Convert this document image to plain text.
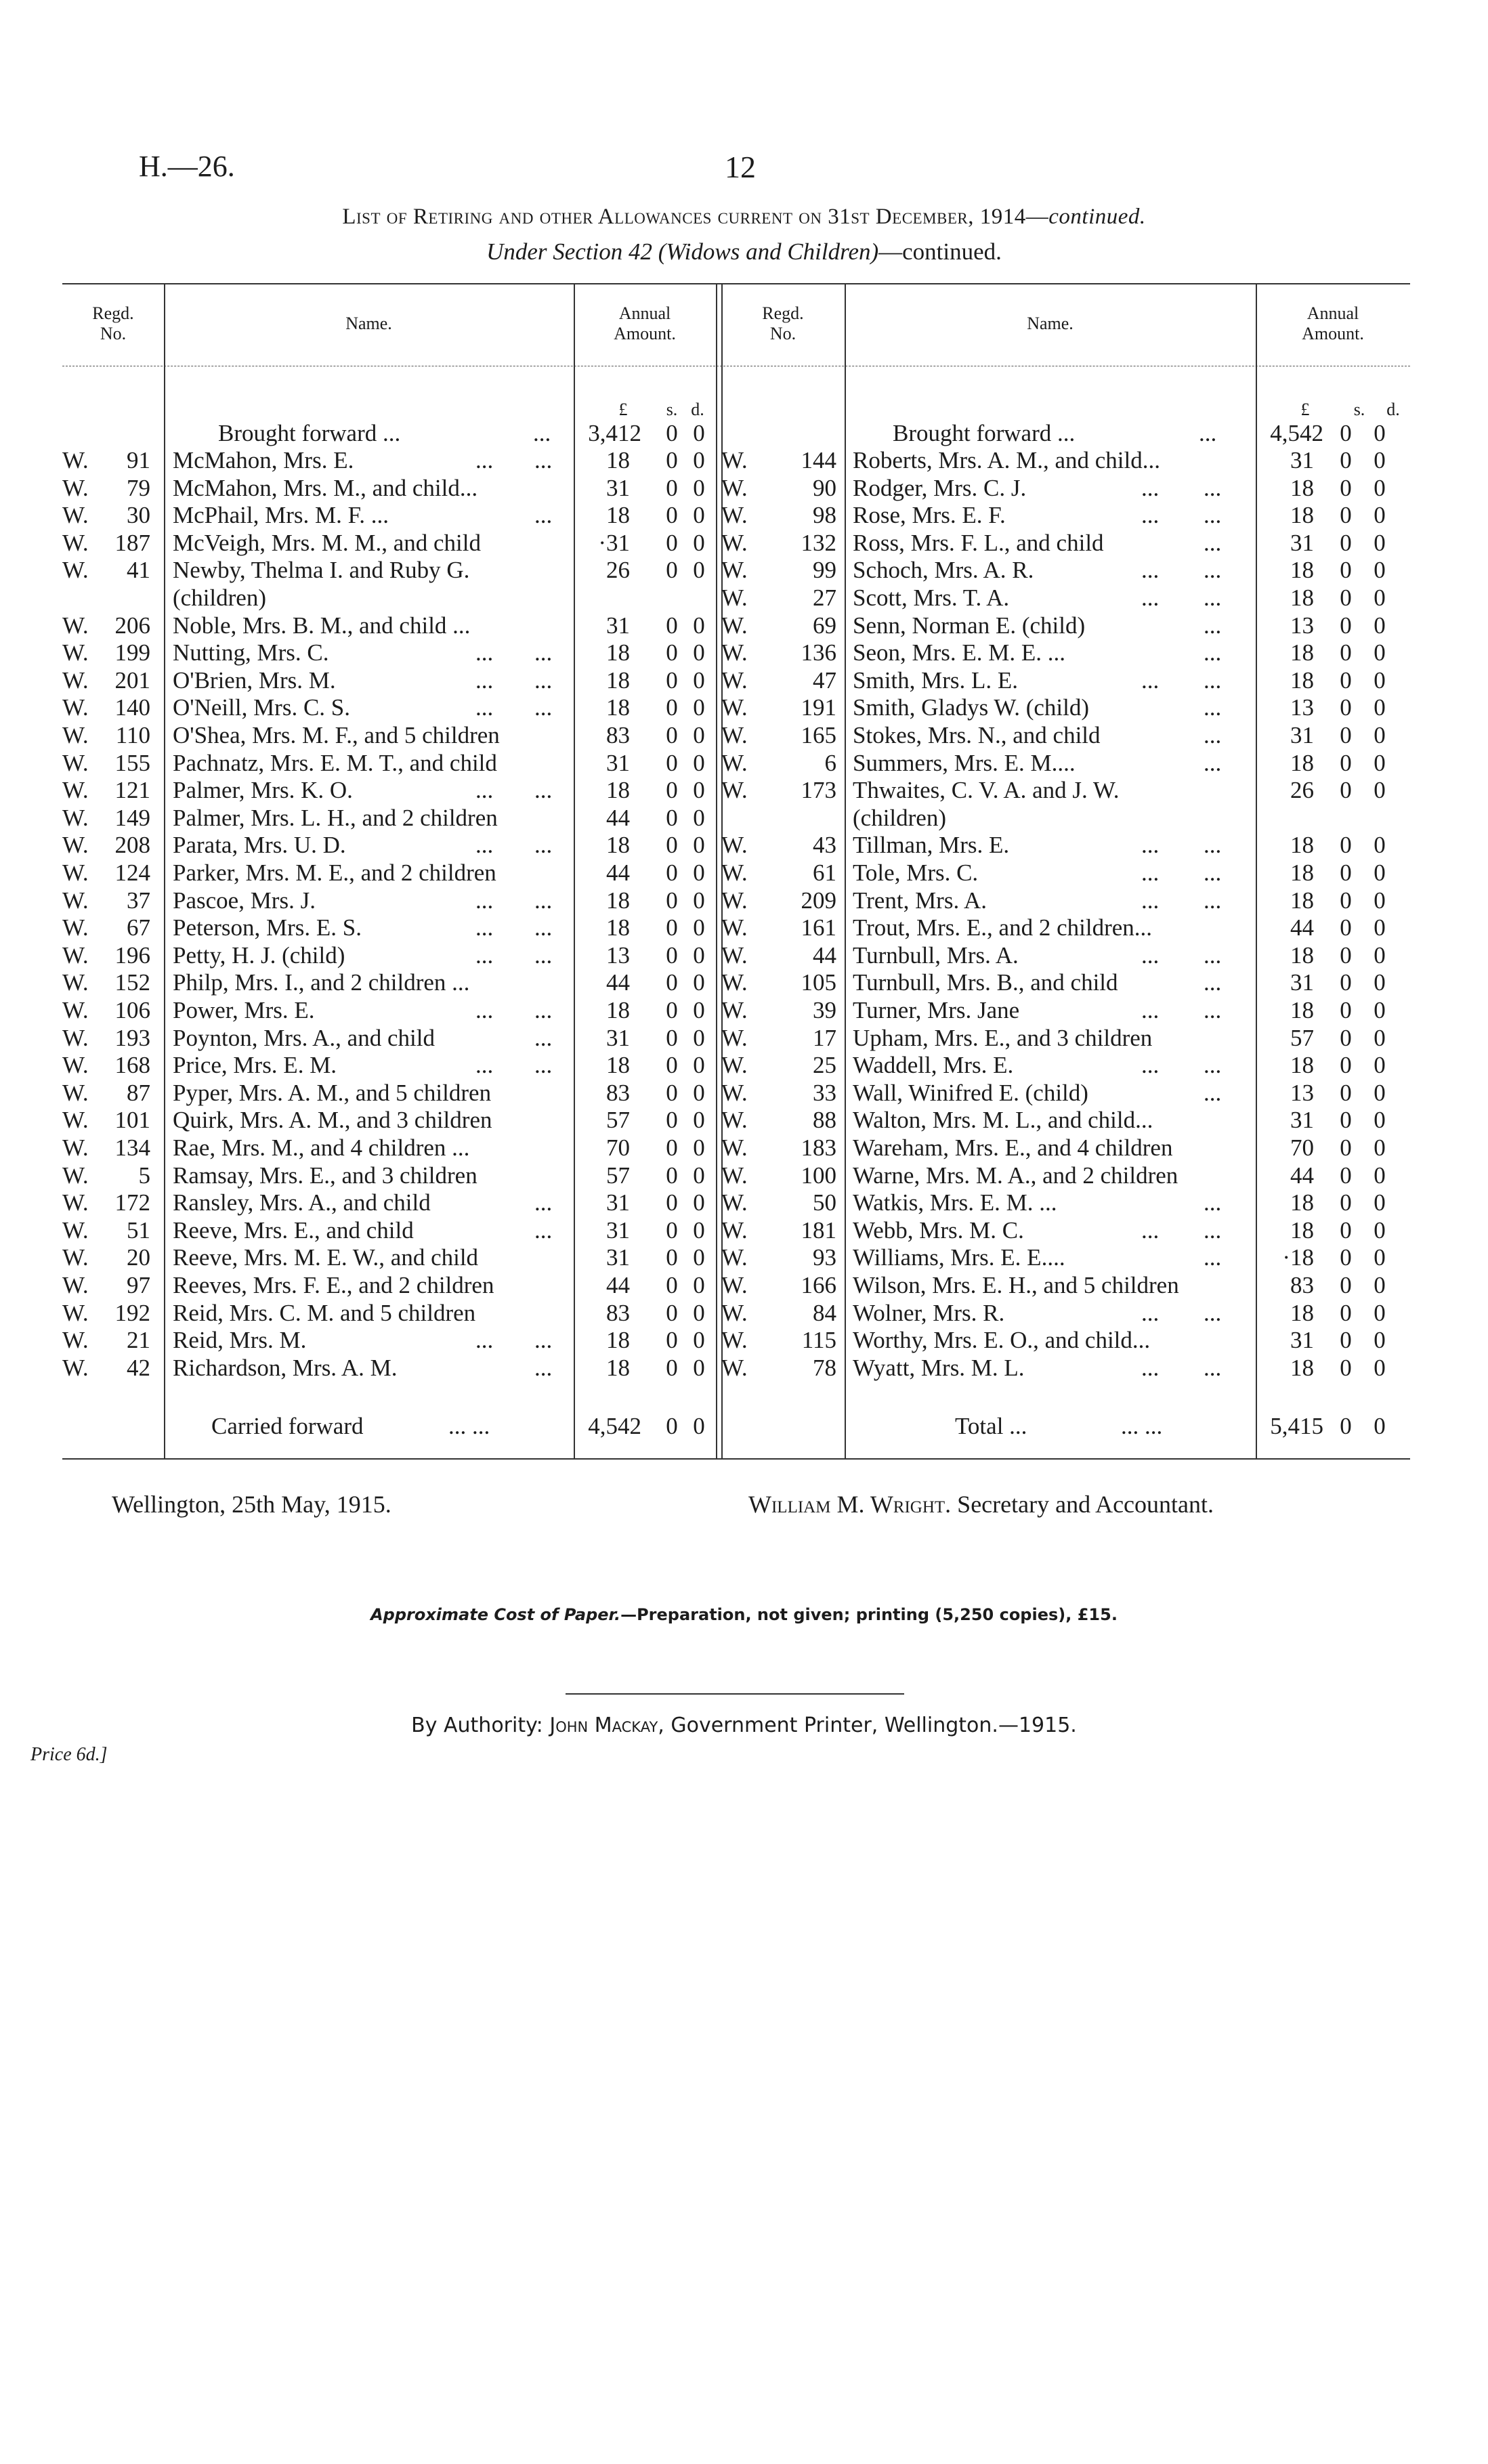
H.—26.	12
List of Retiring and other Allowances current on 31st December, 1914—continued.
Under Section 42 (Widows and Children)—continued.
Regd.
No.
Name.
Annual
Amount.
Regd.
No.
Name.
Annual
Amount.
£	s. d.	£	s.	d.
Brought forward ...	...	3,412 0 0	Brought forward ...	...	4,542 0 0
W.	91 McMahon, Mrs. E.	...	...	18 0 0
W.	79 McMahon, Mrs. M., and child...	31 0 0
W.	30 McPhail, Mrs. M. F. ...	...	18 0 0
W.	187 McVeigh, Mrs. M. M., and child	·31 0 0
W.	41 Newby, Thelma I. and Ruby G.	26 0 0
(children)
W.	206 Noble, Mrs. B. M., and child ...	31 0 0
W.	199 Nutting, Mrs. C.	...	...	18 0 0
W.	201 O'Brien, Mrs. M.	...	...	18 0 0
W.	140 O'Neill, Mrs. C. S.	...	...	18 0 0
W.	110 O'Shea, Mrs. M. F., and 5 children	83 0 0
W.	155 Pachnatz, Mrs. E. M. T., and child	31 0 0
W.	121 Palmer, Mrs. K. O.	...	...	18 0 0
W.	149 Palmer, Mrs. L. H., and 2 children	44 0 0
W.	208 Parata, Mrs. U. D.	...	...	18 0 0
W.	124 Parker, Mrs. M. E., and 2 children	44 0 0
W.	37 Pascoe, Mrs. J.	...	...	18 0 0
W.	67 Peterson, Mrs. E. S.	...	...	18 0 0
W.	196 Petty, H. J. (child)	...	...	13 0 0
W.	152 Philp, Mrs. I., and 2 children ...	44 0 0
W.	106 Power, Mrs. E.	...	...	18 0 0
W.	193 Poynton, Mrs. A., and child	...	31 0 0
W.	168 Price, Mrs. E. M.	...	...	18 0 0
W.	87 Pyper, Mrs. A. M., and 5 children	83 0 0
W.	101 Quirk, Mrs. A. M., and 3 children	57 0 0
W.	134 Rae, Mrs. M., and 4 children ...	70 0 0
W.	5 Ramsay, Mrs. E., and 3 children	57 0 0
W.	172 Ransley, Mrs. A., and child	...	31 0 0
W.	51 Reeve, Mrs. E., and child	...	31 0 0
W.	20 Reeve, Mrs. M. E. W., and child	31 0 0
W.	97 Reeves, Mrs. F. E., and 2 children	44 0 0
W.	192 Reid, Mrs. C. M. and 5 children	83 0 0
W.	21 Reid, Mrs. M.	...	...	18 0 0
W.	42 Richardson, Mrs. A. M.	...	18 0 0
W.	144 Roberts, Mrs. A. M., and child...	31 0 0
W.	90 Rodger, Mrs. C. J.	...	...	18 0 0
W.	98 Rose, Mrs. E. F.	...	...	18 0 0
W.	132 Ross, Mrs. F. L., and child	...	31 0 0
W.	99 Schoch, Mrs. A. R.	...	...	18 0 0
W.	27 Scott, Mrs. T. A.	...	...	18 0 0
W.	69 Senn, Norman E. (child)	...	13 0 0
W.	136 Seon, Mrs. E. M. E. ...	...	18 0 0
W.	47 Smith, Mrs. L. E.	...	...	18 0 0
W.	191 Smith, Gladys W. (child)	...	13 0 0
W.	165 Stokes, Mrs. N., and child	...	31 0 0
W.	6 Summers, Mrs. E. M....	...	18 0 0
W.	173 Thwaites, C. V. A. and J. W.	26 0 0
(children)
W.	43 Tillman, Mrs. E.	...	...	18 0 0
W.	61 Tole, Mrs. C.	...	...	18 0 0
W.	209 Trent, Mrs. A.	...	...	18 0 0
W.	161 Trout, Mrs. E., and 2 children...	44 0 0
W.	44 Turnbull, Mrs. A.	...	...	18 0 0
W.	105 Turnbull, Mrs. B., and child	...	31 0 0
W.	39 Turner, Mrs. Jane	...	...	18 0 0
W.	17 Upham, Mrs. E., and 3 children	57 0 0
W.	25 Waddell, Mrs. E.	...	...	18 0 0
W.	33 Wall, Winifred E. (child)	...	13 0 0
W.	88 Walton, Mrs. M. L., and child...	31 0 0
W.	183 Wareham, Mrs. E., and 4 children	70 0 0
W.	100 Warne, Mrs. M. A., and 2 children	44 0 0
W.	50 Watkis, Mrs. E. M. ...	...	18 0 0
W.	181 Webb, Mrs. M. C.	...	...	18 0 0
W.	93 Williams, Mrs. E. E....	...	·18 0 0
W.	166 Wilson, Mrs. E. H., and 5 children	83 0 0
W.	84 Wolner, Mrs. R.	...	...	18 0 0
W.	115 Worthy, Mrs. E. O., and child...	31 0 0
W.	78 Wyatt, Mrs. M. L.	...	...	18 0 0
Carried forward	... ...	4,542 0 0	Total ...	... ...	5,415 0 0
Wellington, 25th May, 1915.	William M. Wright. Secretary and Accountant.
Approximate Cost of Paper.—Preparation, not given; printing (5,250 copies), £15.
By Authority: John Mackay, Government Printer, Wellington.—1915.
Price 6d.]
